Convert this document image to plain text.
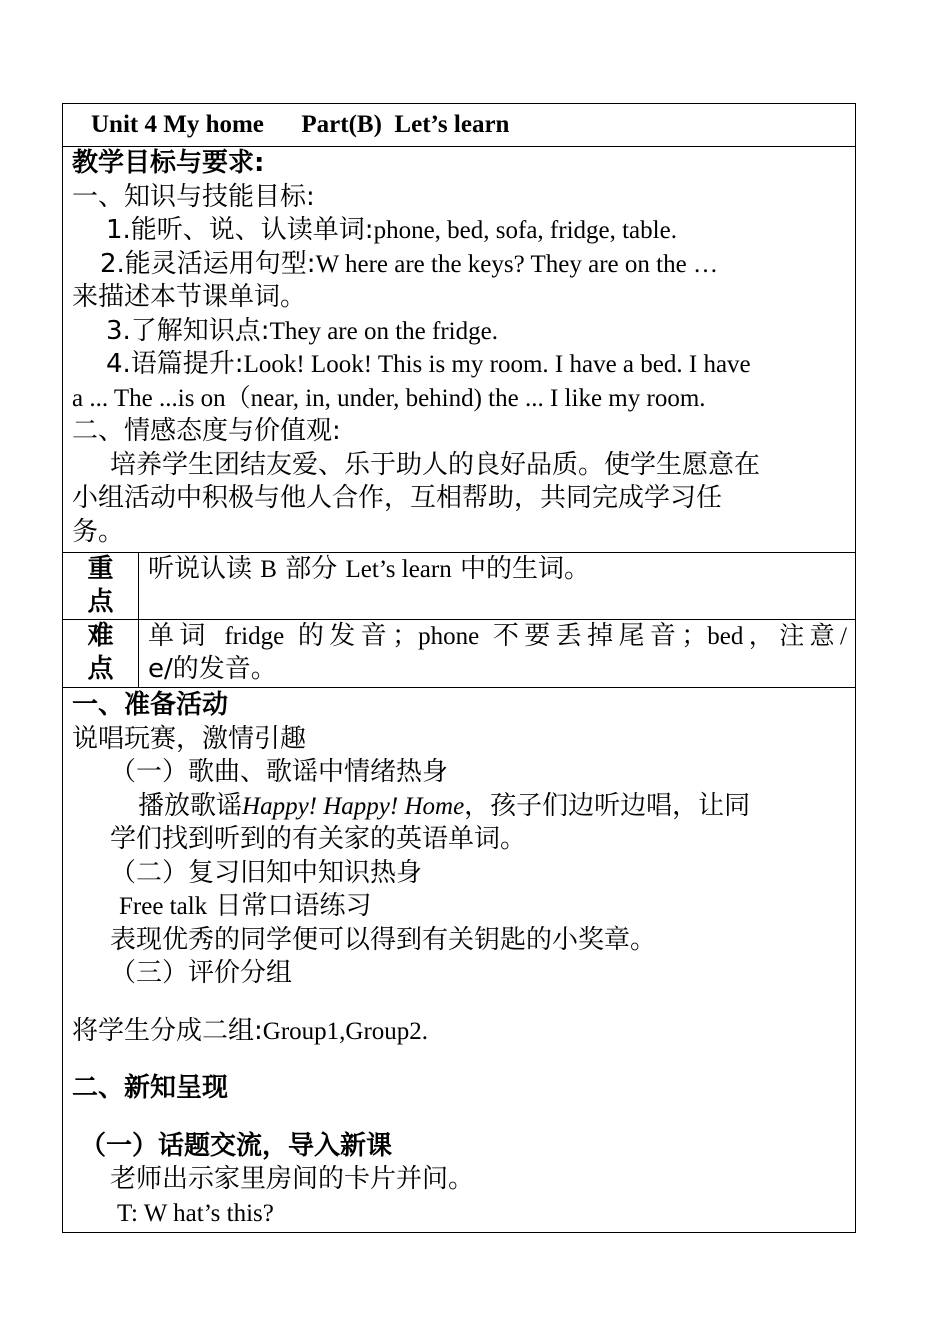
Unit 4 My home Part(B)  Let’s learn
教学目标与要求:
一、知识与技能目标:
1.能听、说、认读单词:phone, bed, sofa, fridge, table.
2.能灵活运用句型:W here are the keys? They are on the …
来描述本节课单词。
3.了解知识点:They are on the fridge.
4.语篇提升:Look! Look! This is my room. I have a bed. I have
a ... The ...is on（near, in, under, behind) the ... I like my room.
二、情感态度与价值观:
培养学生团结友爱、乐于助人的良好品质。使学生愿意在
小组活动中积极与他人合作，互相帮助，共同完成学习任
务。
重
点
听说认读 B 部分 Let’s learn 中的生词。
难
点
单词 fridge 的发音；phone 不要丢掉尾音；bed，注意/
e/的发音。
一、准备活动
说唱玩赛，激情引趣
（一）歌曲、歌谣中情绪热身
播放歌谣Happy! Happy! Home，孩子们边听边唱，让同
学们找到听到的有关家的英语单词。
（二）复习旧知中知识热身
Free talk 日常口语练习
表现优秀的同学便可以得到有关钥匙的小奖章。
（三）评价分组
将学生分成二组:Group1,Group2.
二、新知呈现
（一）话题交流，导入新课
老师出示家里房间的卡片并问。
T: W hat’s this?
